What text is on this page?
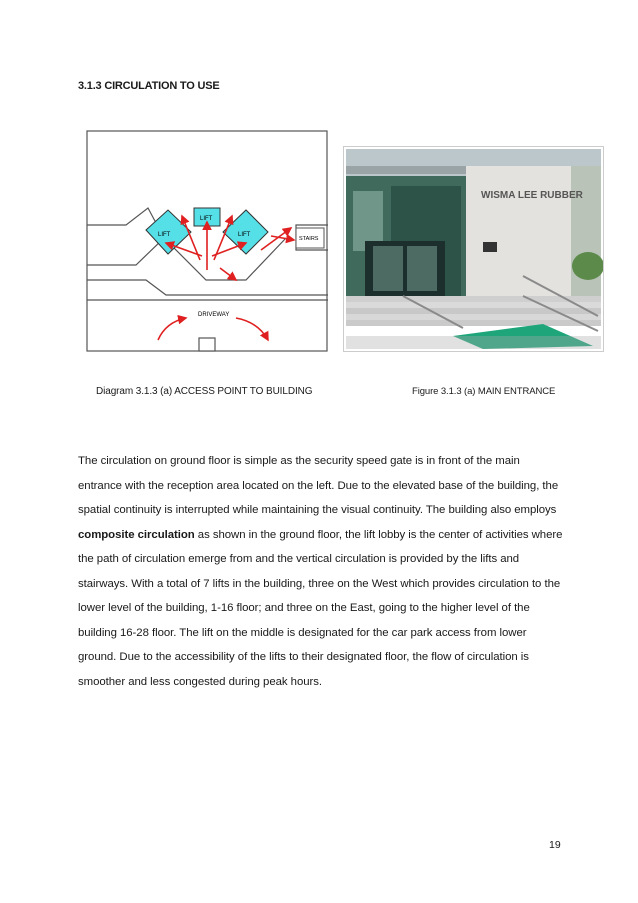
3.1.3 CIRCULATION TO USE
LIFT
LIFT
LIFT
STAIRS
DRIVEWAY
WISMA LEE RUBBER
Diagram 3.1.3 (a) ACCESS POINT TO BUILDING	Figure 3.1.3 (a) MAIN ENTRANCE
The circulation on ground floor is simple as the security speed gate is in front of the main entrance with the reception area located on the left. Due to the elevated base of the building, the spatial continuity is interrupted while maintaining the visual continuity. The building also employs composite circulation as shown in the ground floor, the lift lobby is the center of activities where the path of circulation emerge from and the vertical circulation is provided by the lifts and stairways. With a total of 7 lifts in the building, three on the West which provides circulation to the lower level of the building, 1-16 floor; and three on the East, going to the higher level of the building 16-28 floor. The lift on the middle is designated for the car park access from lower ground. Due to the accessibility of the lifts to their designated floor, the flow of circulation is smoother and less congested during peak hours.
19
